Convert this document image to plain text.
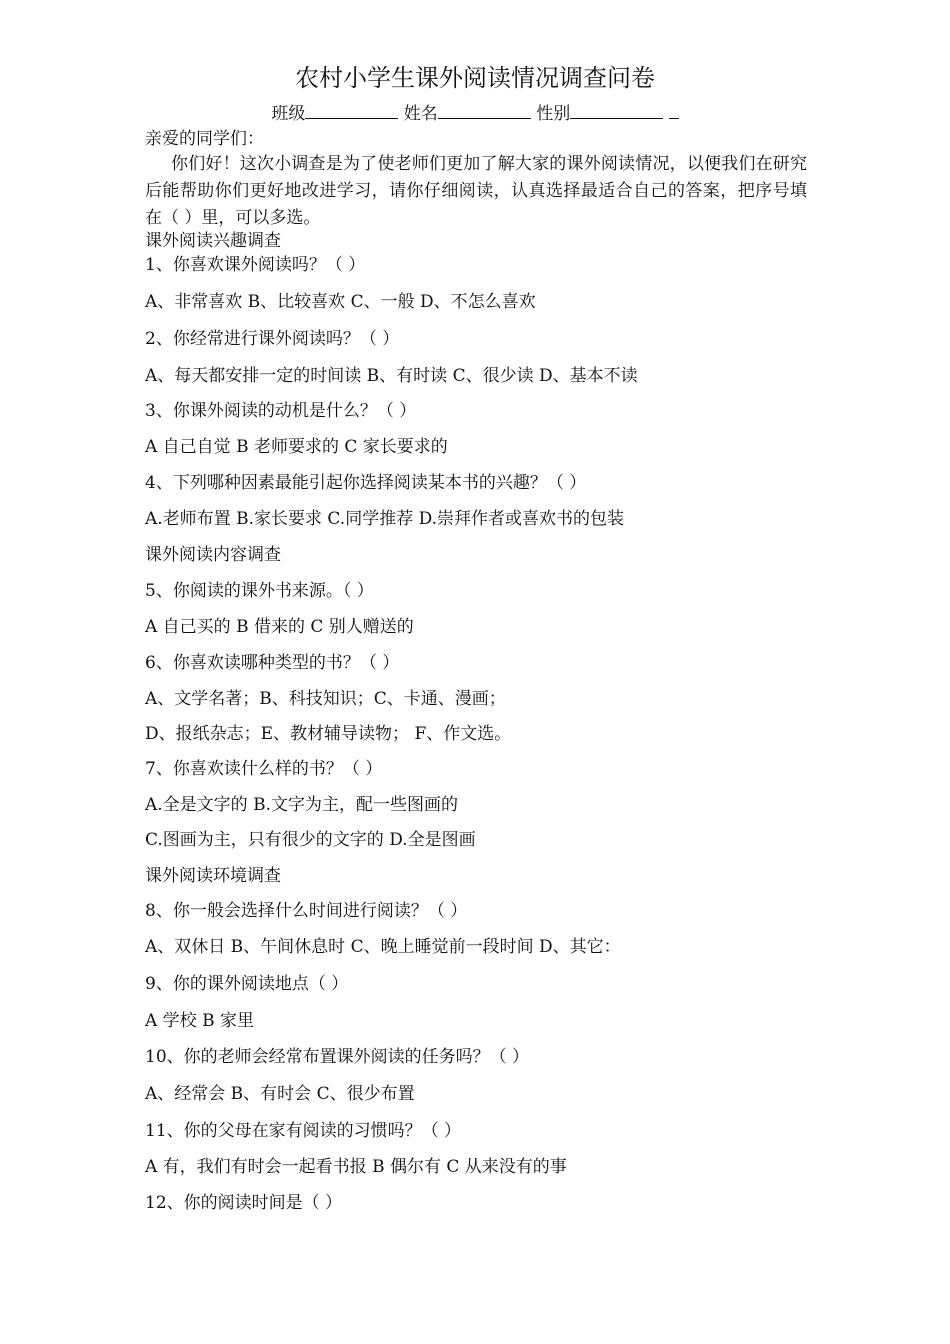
农村小学生课外阅读情况调查问卷
班级	姓名	性别
亲爱的同学们：
你们好！这次小调查是为了使老师们更加了解大家的课外阅读情况，以便我们在研究后能帮助你们更好地改进学习，请你仔细阅读，认真选择最适合自己的答案，把序号填在（ ）里，可以多选。
课外阅读兴趣调查
1、你喜欢课外阅读吗？（ ）
A、非常喜欢 B、比较喜欢 C、一般 D、不怎么喜欢
2、你经常进行课外阅读吗？（ ）
A、每天都安排一定的时间读 B、有时读 C、很少读 D、基本不读
3、你课外阅读的动机是什么？（ ）
A 自己自觉 B 老师要求的 C 家长要求的
4、下列哪种因素最能引起你选择阅读某本书的兴趣？（ ）
A.老师布置 B.家长要求 C.同学推荐 D.崇拜作者或喜欢书的包装
课外阅读内容调查
5、你阅读的课外书来源。（ ）
A 自己买的 B 借来的 C 别人赠送的
6、你喜欢读哪种类型的书？（ ）
A、文学名著；B、科技知识；C、卡通、漫画；
D、报纸杂志；E、教材辅导读物； F、作文选。
7、你喜欢读什么样的书？（ ）
A.全是文字的 B.文字为主，配一些图画的
C.图画为主，只有很少的文字的 D.全是图画
课外阅读环境调查
8、你一般会选择什么时间进行阅读？（ ）
A、双休日 B、午间休息时 C、晚上睡觉前一段时间 D、其它：
9、你的课外阅读地点（ ）
A 学校 B 家里
10、你的老师会经常布置课外阅读的任务吗？（ ）
A、经常会 B、有时会 C、很少布置
11、你的父母在家有阅读的习惯吗？（ ）
A 有，我们有时会一起看书报 B 偶尔有 C 从来没有的事
12、你的阅读时间是（ ）
